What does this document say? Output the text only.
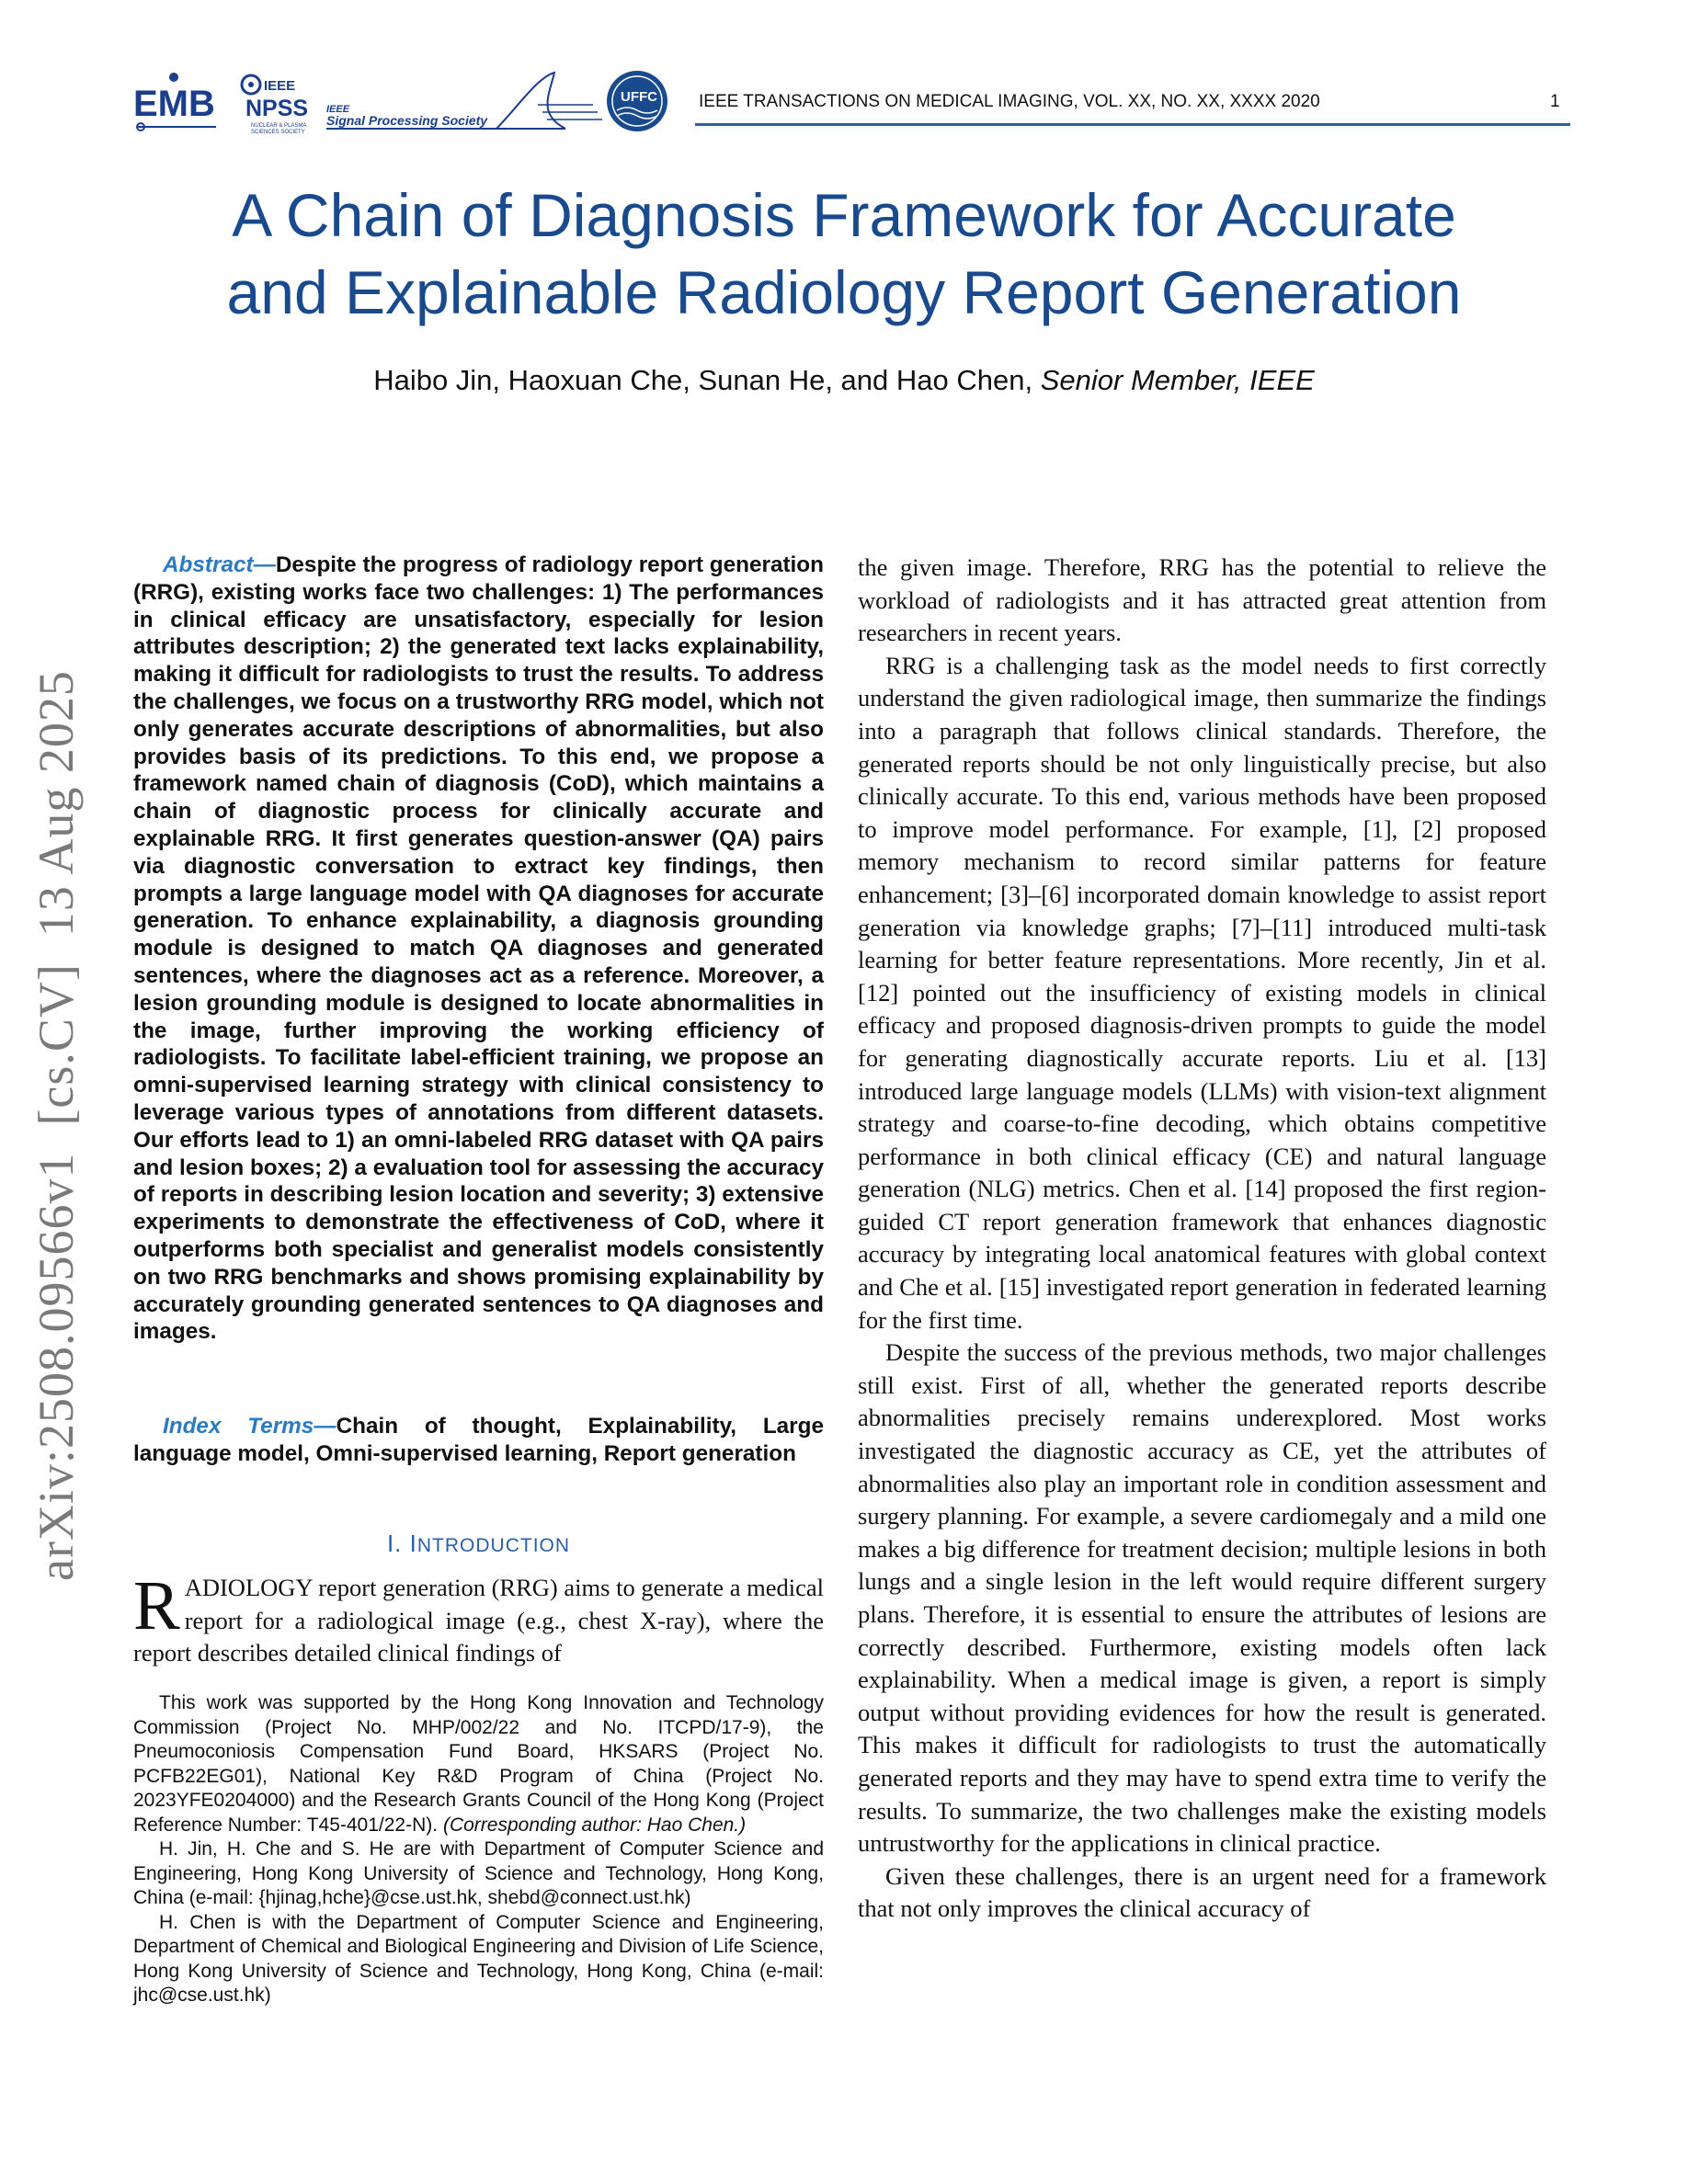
EMB	IEEE
NPSS
NUCLEAR & PLASMA
SCIENCES SOCIETY
IEEE
Signal Processing Society
UFFC IEEE TRANSACTIONS ON MEDICAL IMAGING, VOL. XX, NO. XX, XXXX 2020	1
A Chain of Diagnosis Framework for Accurate
and Explainable Radiology Report Generation
Haibo Jin, Haoxuan Che, Sunan He, and Hao Chen, Senior Member, IEEE

Abstract—Despite the progress of radiology report generation (RRG), existing works face two challenges: 1) The performances in clinical efficacy are unsatisfactory, especially for lesion attributes description; 2) the generated text lacks explainability, making it difficult for radiologists to trust the results. To address the challenges, we focus on a trustworthy RRG model, which not only generates accurate descriptions of abnormalities, but also provides basis of its predictions. To this end, we propose a framework named chain of diagnosis (CoD), which maintains a chain of diagnostic process for clinically accurate and explainable RRG. It first generates question-answer (QA) pairs via diagnostic conversation to extract key findings, then prompts a large language model with QA diagnoses for accurate generation. To enhance explainability, a diagnosis grounding module is designed to match QA diagnoses and generated sentences, where the diagnoses act as a reference. Moreover, a lesion grounding module is designed to locate abnormalities in the image, further improving the working efficiency of radiologists. To facilitate label-efficient training, we propose an omni-supervised learning strategy with clinical consistency to leverage various types of annotations from different datasets. Our efforts lead to 1) an omni-labeled RRG dataset with QA pairs and lesion boxes; 2) a evaluation tool for assessing the accuracy of reports in describing lesion location and severity; 3) extensive experiments to demonstrate the effectiveness of CoD, where it outperforms both specialist and generalist models consistently on two RRG benchmarks and shows promising explainability by accurately grounding generated sentences to QA diagnoses and images.

Index Terms—Chain of thought, Explainability, Large language model, Omni-supervised learning, Report generation

I. INTRODUCTION

RADIOLOGY report generation (RRG) aims to generate a medical report for a radiological image (e.g., chest X-ray), where the report describes detailed clinical findings of

This work was supported by the Hong Kong Innovation and Technology Commission (Project No. MHP/002/22 and No. ITCPD/17-9), the Pneumoconiosis Compensation Fund Board, HKSARS (Project No. PCFB22EG01), National Key R&D Program of China (Project No. 2023YFE0204000) and the Research Grants Council of the Hong Kong (Project Reference Number: T45-401/22-N). (Corresponding author: Hao Chen.)

H. Jin, H. Che and S. He are with Department of Computer Science and Engineering, Hong Kong University of Science and Technology, Hong Kong, China (e-mail: {hjinag,hche}@cse.ust.hk, shebd@connect.ust.hk)

H. Chen is with the Department of Computer Science and Engineering, Department of Chemical and Biological Engineering and Division of Life Science, Hong Kong University of Science and Technology, Hong Kong, China (e-mail: jhc@cse.ust.hk)

the given image. Therefore, RRG has the potential to relieve the workload of radiologists and it has attracted great attention from researchers in recent years.

RRG is a challenging task as the model needs to first correctly understand the given radiological image, then summarize the findings into a paragraph that follows clinical standards. Therefore, the generated reports should be not only linguistically precise, but also clinically accurate. To this end, various methods have been proposed to improve model performance. For example, [1], [2] proposed memory mechanism to record similar patterns for feature enhancement; [3]–[6] incorporated domain knowledge to assist report generation via knowledge graphs; [7]–[11] introduced multi-task learning for better feature representations. More recently, Jin et al. [12] pointed out the insufficiency of existing models in clinical efficacy and proposed diagnosis-driven prompts to guide the model for generating diagnostically accurate reports. Liu et al. [13] introduced large language models (LLMs) with vision-text alignment strategy and coarse-to-fine decoding, which obtains competitive performance in both clinical efficacy (CE) and natural language generation (NLG) metrics. Chen et al. [14] proposed the first region-guided CT report generation framework that enhances diagnostic accuracy by integrating local anatomical features with global context and Che et al. [15] investigated report generation in federated learning for the first time.

Despite the success of the previous methods, two major challenges still exist. First of all, whether the generated reports describe abnormalities precisely remains underexplored. Most works investigated the diagnostic accuracy as CE, yet the attributes of abnormalities also play an important role in condition assessment and surgery planning. For example, a severe cardiomegaly and a mild one makes a big difference for treatment decision; multiple lesions in both lungs and a single lesion in the left would require different surgery plans. Therefore, it is essential to ensure the attributes of lesions are correctly described. Furthermore, existing models often lack explainability. When a medical image is given, a report is simply output without providing evidences for how the result is generated. This makes it difficult for radiologists to trust the automatically generated reports and they may have to spend extra time to verify the results. To summarize, the two challenges make the existing models untrustworthy for the applications in clinical practice.

Given these challenges, there is an urgent need for a framework that not only improves the clinical accuracy of

arXiv:2508.09566v1  [cs.CV]  13 Aug 2025
